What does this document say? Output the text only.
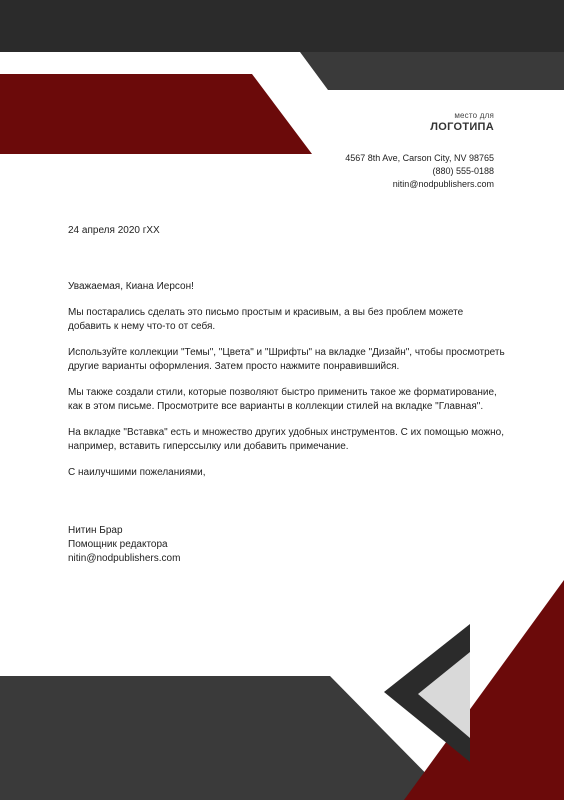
место для
ЛОГОТИПА
4567 8th Ave, Carson City, NV 98765
(880) 555-0188
nitin@nodpublishers.com

24 апреля 2020 гXX

Уважаемая, Киана Иерсон!

Мы постарались сделать это письмо простым и красивым, а вы без проблем можете добавить к нему что-то от себя.

Используйте коллекции "Темы", "Цвета" и "Шрифты" на вкладке "Дизайн", чтобы просмотреть другие варианты оформления. Затем просто нажмите понравившийся.

Мы также создали стили, которые позволяют быстро применить такое же форматирование, как в этом письме. Просмотрите все варианты в коллекции стилей на вкладке "Главная".

На вкладке "Вставка" есть и множество других удобных инструментов. С их помощью можно, например, вставить гиперссылку или добавить примечание.

С наилучшими пожеланиями,

Нитин Брар

Помощник редактора

nitin@nodpublishers.com
